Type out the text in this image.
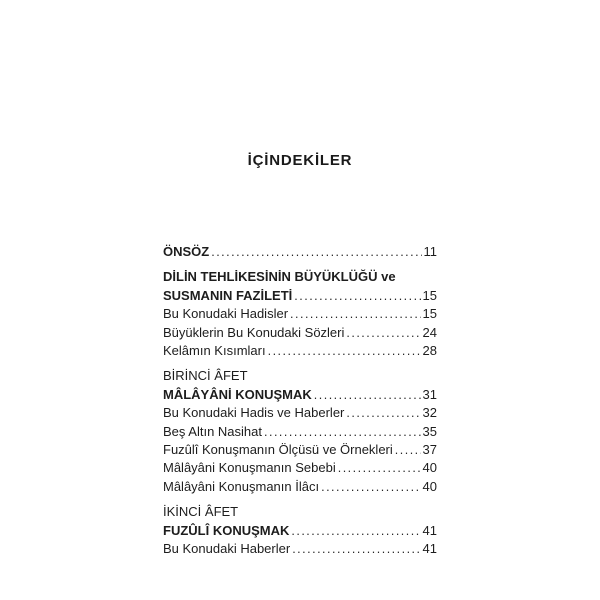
İÇİNDEKİLER
ÖNSÖZ .....	11
DİLİN TEHLİKESİNİN BÜYÜKLÜĞÜ ve
SUSMANIN FAZİLETİ .....	15
Bu Konudaki Hadisler .....	15
Büyüklerin Bu Konudaki Sözleri .....	24
Kelâmın Kısımları .....	28
BİRİNCİ ÂFET
MÂLÂYÂNİ KONUŞMAK .....	31
Bu Konudaki Hadis ve Haberler .....	32
Beş Altın Nasihat .....	35
Fuzûlî Konuşmanın Ölçüsü ve Örnekleri ..... 37
Mâlâyâni Konuşmanın Sebebi .....	40
Mâlâyâni Konuşmanın İlâcı .....	40
İKİNCİ ÂFET
FUZÛLÎ KONUŞMAK .....	41
Bu Konudaki Haberler .....	41
